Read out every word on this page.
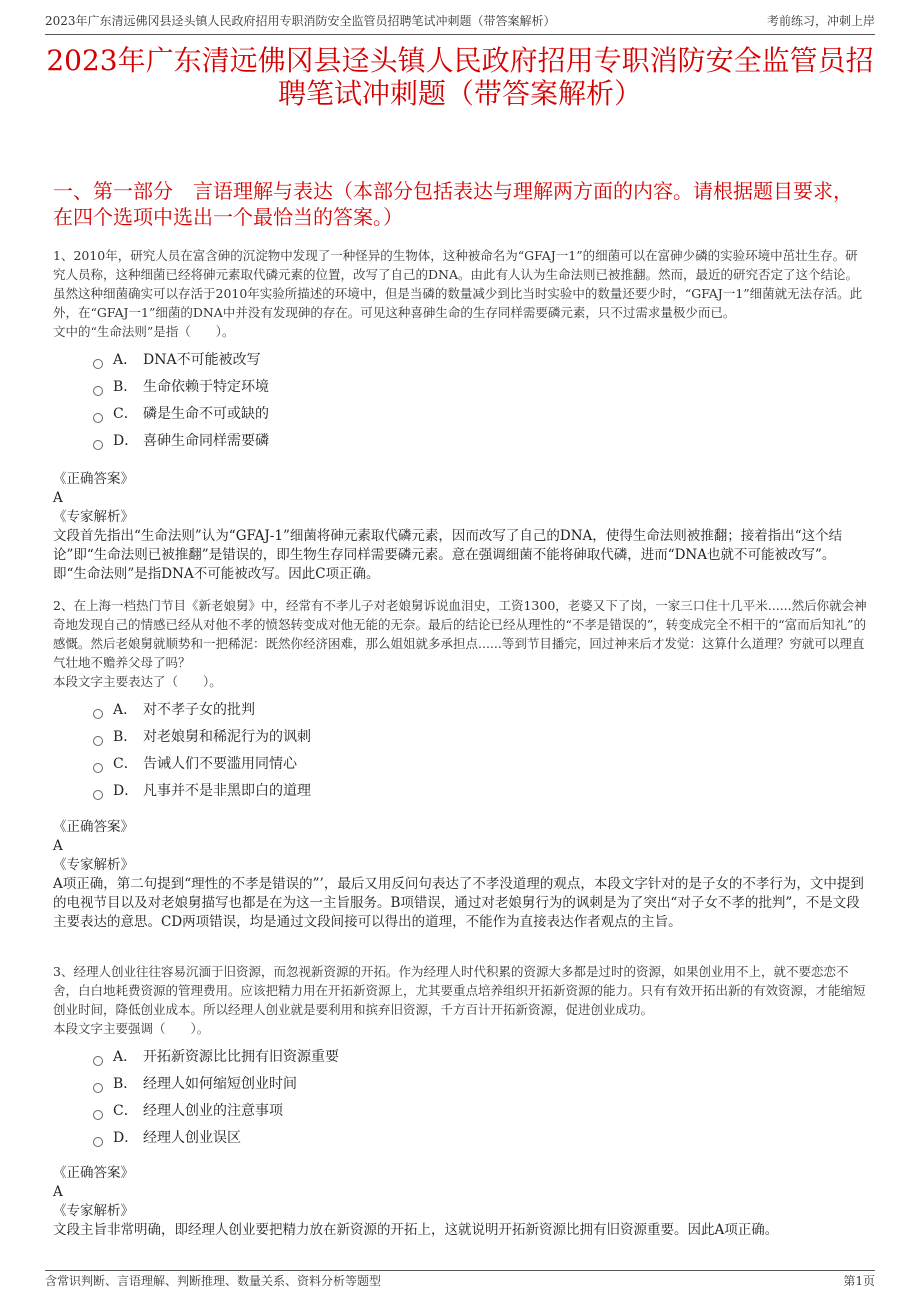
2023年广东清远佛冈县迳头镇人民政府招用专职消防安全监管员招聘笔试冲刺题（带答案解析）	考前练习，冲刺上岸
2023年广东清远佛冈县迳头镇人民政府招用专职消防安全监管员招聘笔试冲刺题（带答案解析）
一、第一部分　言语理解与表达（本部分包括表达与理解两方面的内容。请根据题目要求，在四个选项中选出一个最恰当的答案。）

1、2010年，研究人员在富含砷的沉淀物中发现了一种怪异的生物体，这种被命名为“GFAJ一1”的细菌可以在富砷少磷的实验环境中茁壮生存。研究人员称，这种细菌已经将砷元素取代磷元素的位置，改写了自己的DNA。由此有人认为生命法则已被推翻。然而，最近的研究否定了这个结论。虽然这种细菌确实可以存活于2010年实验所描述的环境中，但是当磷的数量减少到比当时实验中的数量还要少时，“GFAJ一1”细菌就无法存活。此外，在“GFAJ一1”细菌的DNA中并没有发现砷的存在。可见这种喜砷生命的生存同样需要磷元素，只不过需求量极少而已。

文中的“生命法则”是指（　　）。

A． DNA不可能被改写
B． 生命依赖于特定环境
C． 磷是生命不可或缺的
D． 喜砷生命同样需要磷

《正确答案》

A

《专家解析》

文段首先指出“生命法则”认为“GFAJ-1”细菌将砷元素取代磷元素，因而改写了自己的DNA，使得生命法则被推翻；接着指出“这个结论”即“生命法则已被推翻”是错误的，即生物生存同样需要磷元素。意在强调细菌不能将砷取代磷，进而“DNA也就不可能被改写”。即“生命法则”是指DNA不可能被改写。因此C项正确。

2、在上海一档热门节目《新老娘舅》中，经常有不孝儿子对老娘舅诉说血泪史，工资1300，老婆又下了岗，一家三口住十几平米......然后你就会神奇地发现自己的情感已经从对他不孝的愤怒转变成对他无能的无奈。最后的结论已经从理性的“不孝是错误的”，转变成完全不相干的“富而后知礼”的感慨。然后老娘舅就顺势和一把稀泥：既然你经济困难，那么姐姐就多承担点......等到节目播完，回过神来后才发觉：这算什么道理？穷就可以理直气壮地不赡养父母了吗？

本段文字主要表达了（　　）。

A． 对不孝子女的批判
B． 对老娘舅和稀泥行为的讽刺
C． 告诫人们不要滥用同情心
D． 凡事并不是非黑即白的道理

《正确答案》

A

《专家解析》

A项正确，第二句提到“理性的不孝是错误的”’，最后又用反问句表达了不孝没道理的观点，本段文字针对的是子女的不孝行为，文中提到的电视节目以及对老娘舅描写也都是在为这一主旨服务。B项错误，通过对老娘舅行为的讽刺是为了突出“对子女不孝的批判”，不是文段主要表达的意思。CD两项错误，均是通过文段间接可以得出的道理，不能作为直接表达作者观点的主旨。

3、经理人创业往往容易沉湎于旧资源，而忽视新资源的开拓。作为经理人时代积累的资源大多都是过时的资源，如果创业用不上，就不要恋恋不舍，白白地耗费资源的管理费用。应该把精力用在开拓新资源上，尤其要重点培养组织开拓新资源的能力。只有有效开拓出新的有效资源，才能缩短创业时间，降低创业成本。所以经理人创业就是要利用和摈弃旧资源，千方百计开拓新资源，促进创业成功。

本段文字主要强调（　　）。

A． 开拓新资源比比拥有旧资源重要
B． 经理人如何缩短创业时间
C． 经理人创业的注意事项
D． 经理人创业误区

《正确答案》

A

《专家解析》

文段主旨非常明确，即经理人创业要把精力放在新资源的开拓上，这就说明开拓新资源比拥有旧资源重要。因此A项正确。

含常识判断、言语理解、判断推理、数量关系、资料分析等题型	第1页
